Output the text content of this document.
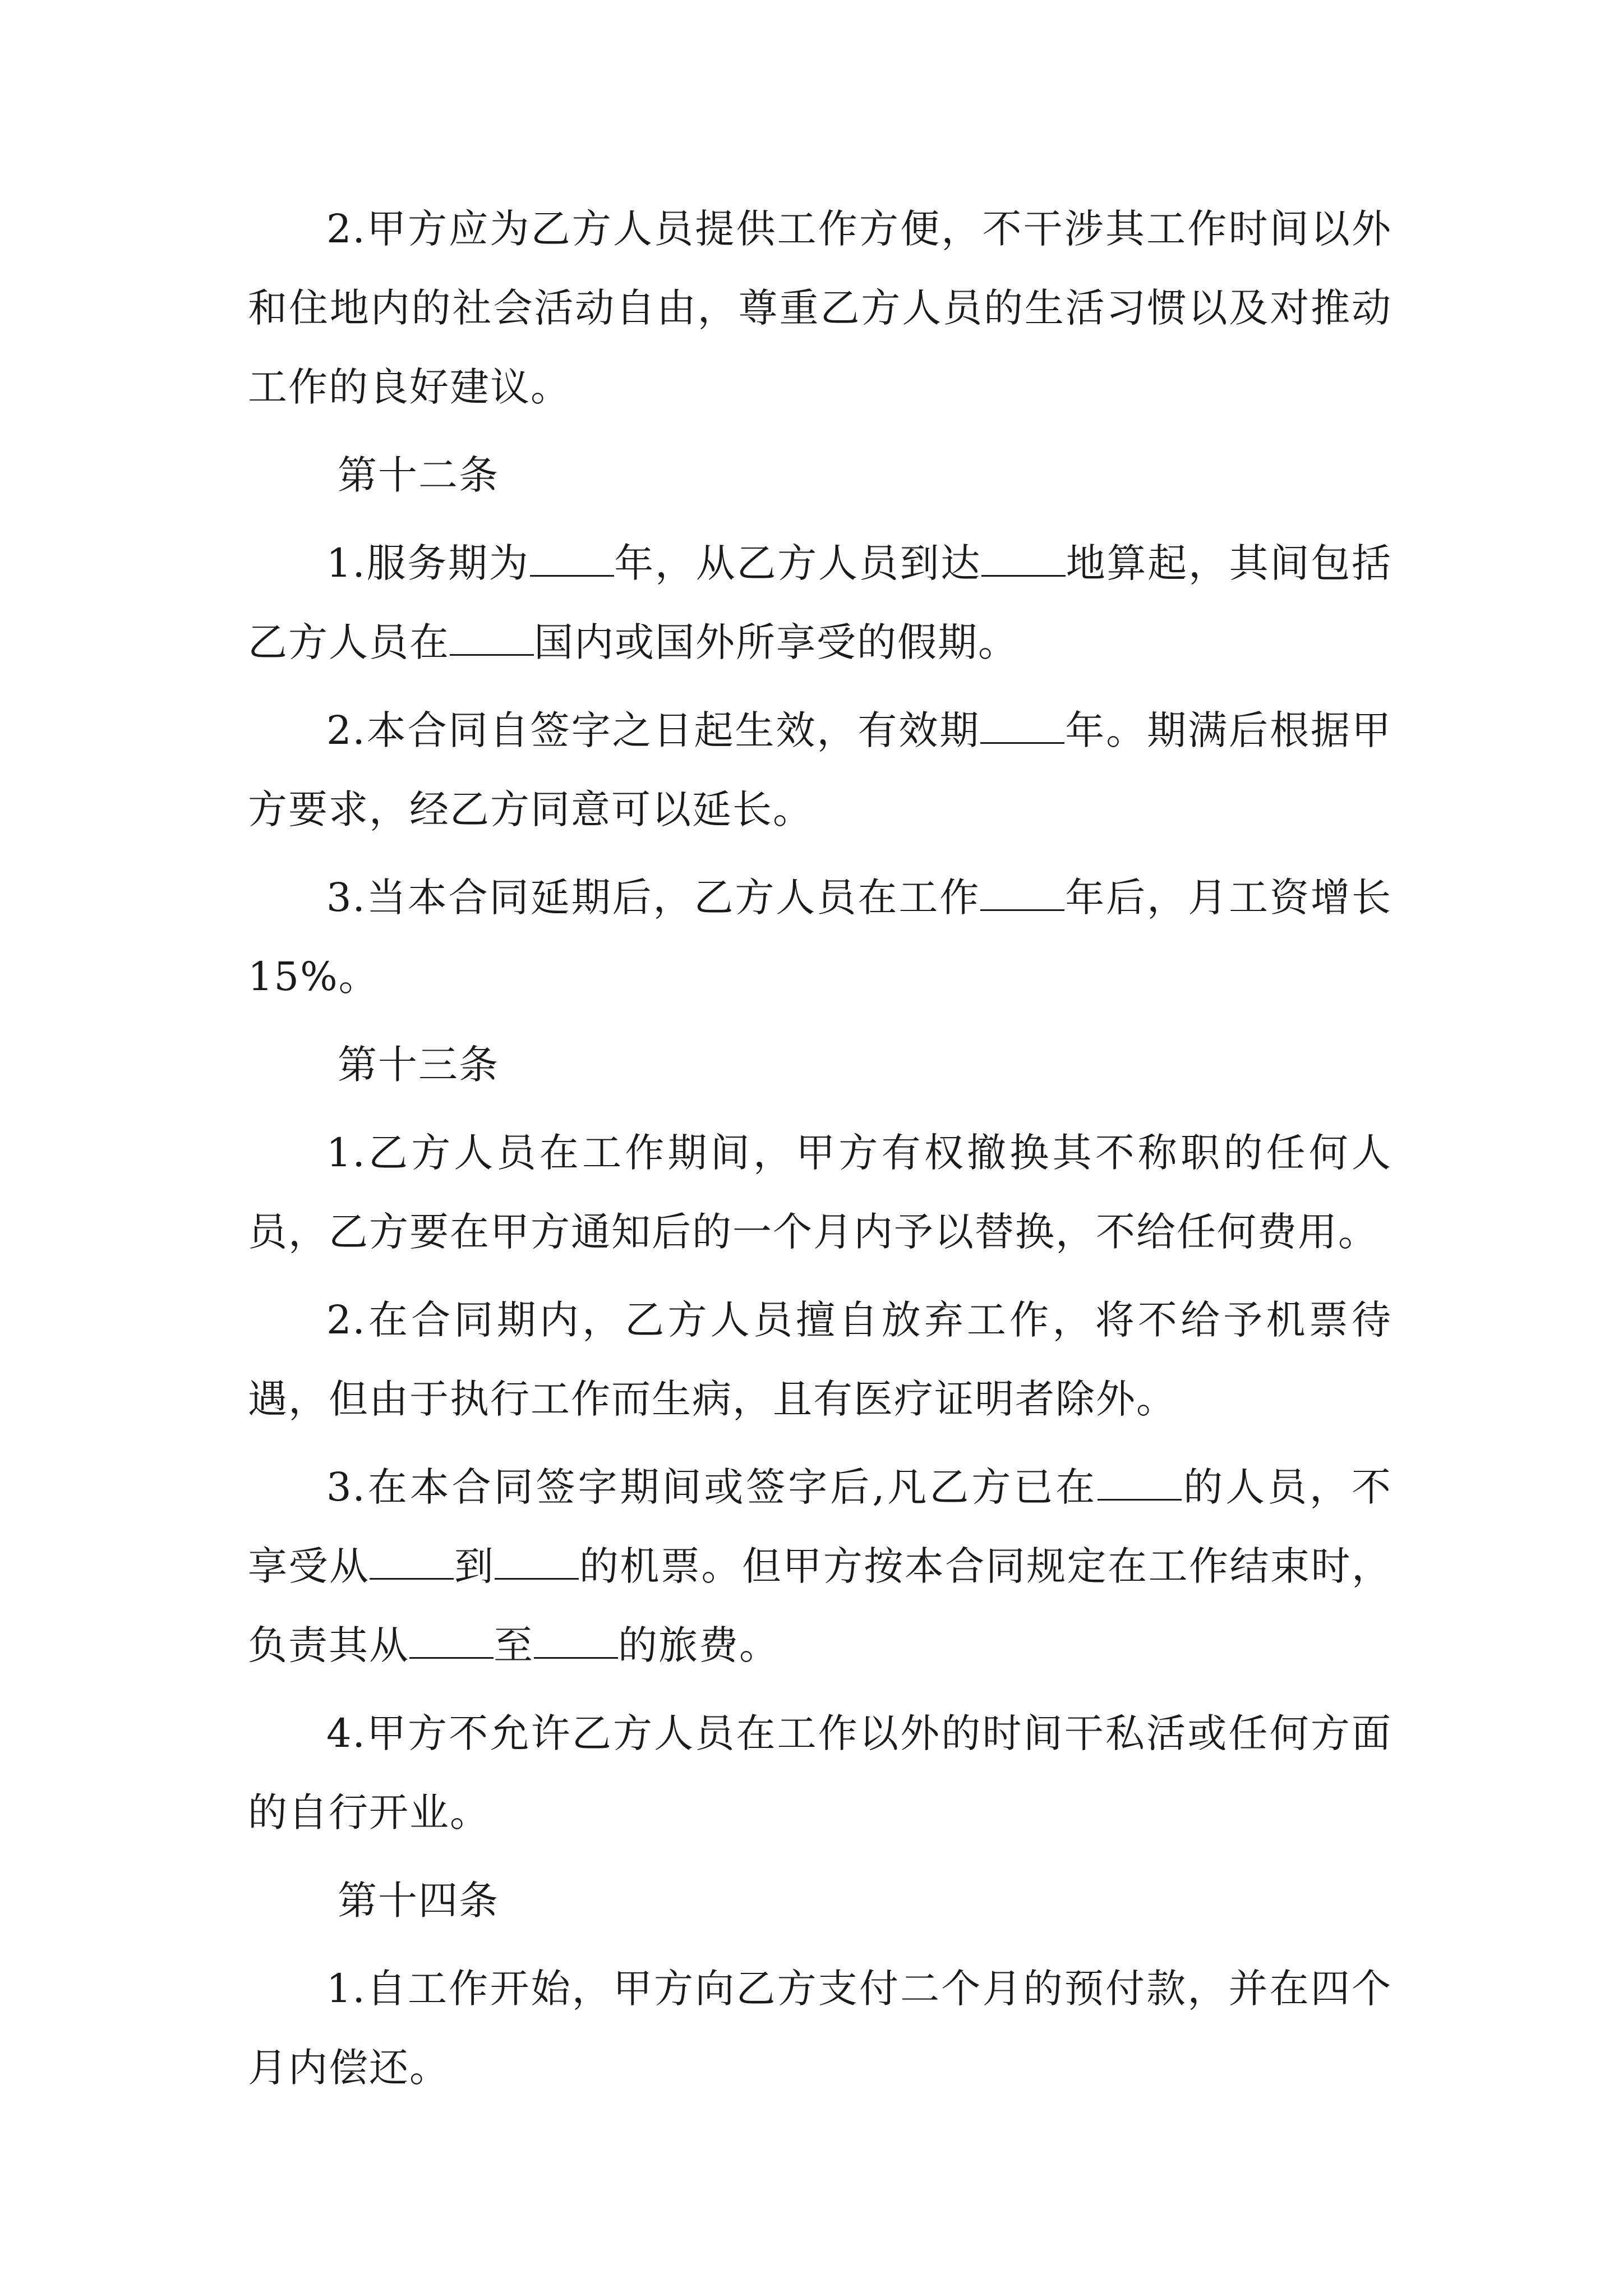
2.甲方应为乙方人员提供工作方便，不干涉其工作时间以外和住地内的社会活动自由，尊重乙方人员的生活习惯以及对推动工作的良好建议。

第十二条

1.服务期为 年，从乙方人员到达 地算起，其间包括乙方人员在 国内或国外所享受的假期。

2.本合同自签字之日起生效，有效期 年。期满后根据甲方要求，经乙方同意可以延长。

3.当本合同延期后，乙方人员在工作 年后，月工资增长 15%。

第十三条

1.乙方人员在工作期间，甲方有权撤换其不称职的任何人员，乙方要在甲方通知后的一个月内予以替换，不给任何费用。

2.在合同期内，乙方人员擅自放弃工作，将不给予机票待遇，但由于执行工作而生病，且有医疗证明者除外。

3.在本合同签字期间或签字后,凡乙方已在 的人员，不享受从 到 的机票。但甲方按本合同规定在工作结束时，负责其从 至 的旅费。

4.甲方不允许乙方人员在工作以外的时间干私活或任何方面的自行开业。

第十四条

1.自工作开始，甲方向乙方支付二个月的预付款，并在四个月内偿还。
